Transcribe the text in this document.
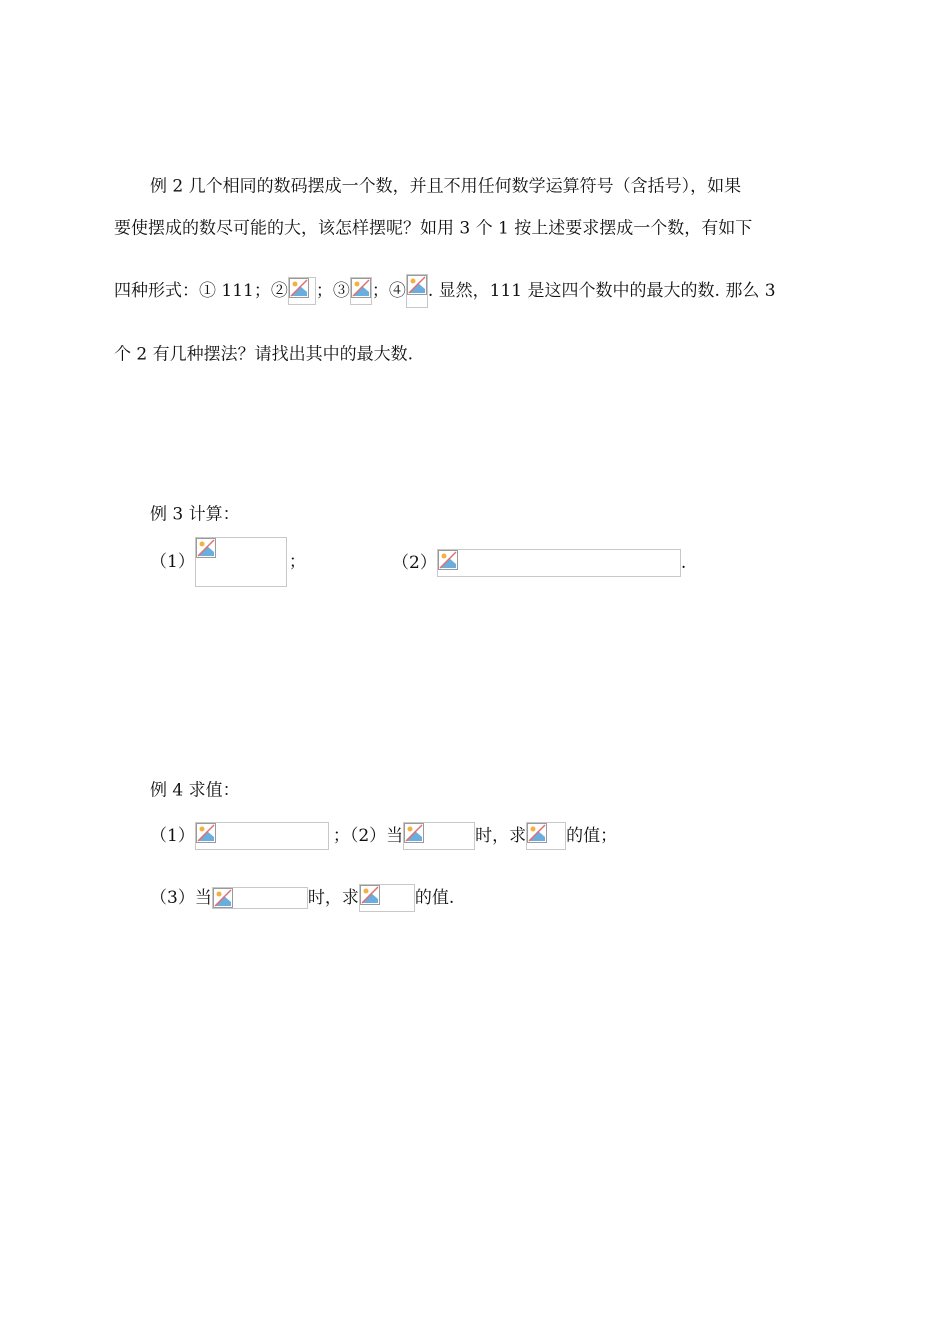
例 2 几个相同的数码摆成一个数，并且不用任何数学运算符号（含括号），如果
要使摆成的数尽可能的大，该怎样摆呢？如用 3 个 1 按上述要求摆成一个数，有如下
四种形式：① 111；② ；③ ；④ . 显然，111 是这四个数中的最大的数. 那么 3
个 2 有几种摆法？请找出其中的最大数.
例 3 计算：
（1）	；	（2）	.
例 4 求值：
（1）	；（2）当	时，求 的值；
（3）当	时，求	的值.
